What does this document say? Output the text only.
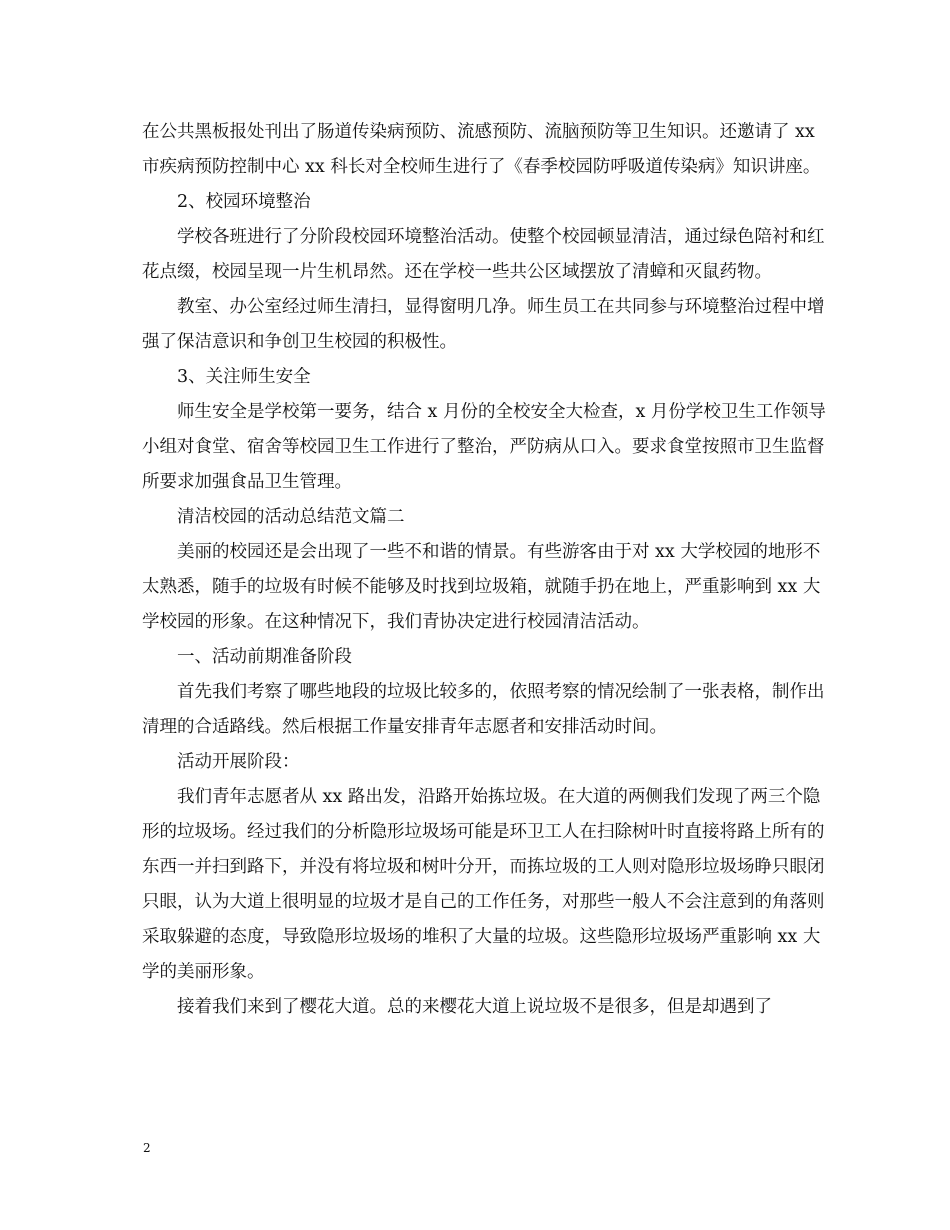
在公共黑板报处刊出了肠道传染病预防、流感预防、流脑预防等卫生知识。还邀请了 xx 市疾病预防控制中心 xx 科长对全校师生进行了《春季校园防呼吸道传染病》知识讲座。

2、校园环境整治

学校各班进行了分阶段校园环境整治活动。使整个校园顿显清洁，通过绿色陪衬和红花点缀，校园呈现一片生机昂然。还在学校一些共公区域摆放了清蟑和灭鼠药物。

教室、办公室经过师生清扫，显得窗明几净。师生员工在共同参与环境整治过程中增强了保洁意识和争创卫生校园的积极性。

3、关注师生安全

师生安全是学校第一要务，结合 x 月份的全校安全大检查，x 月份学校卫生工作领导小组对食堂、宿舍等校园卫生工作进行了整治，严防病从口入。要求食堂按照市卫生监督所要求加强食品卫生管理。

清洁校园的活动总结范文篇二

美丽的校园还是会出现了一些不和谐的情景。有些游客由于对 xx 大学校园的地形不太熟悉，随手的垃圾有时候不能够及时找到垃圾箱，就随手扔在地上，严重影响到 xx 大学校园的形象。在这种情况下，我们青协决定进行校园清洁活动。

一、活动前期准备阶段

首先我们考察了哪些地段的垃圾比较多的，依照考察的情况绘制了一张表格，制作出清理的合适路线。然后根据工作量安排青年志愿者和安排活动时间。

活动开展阶段：

我们青年志愿者从 xx 路出发，沿路开始拣垃圾。在大道的两侧我们发现了两三个隐形的垃圾场。经过我们的分析隐形垃圾场可能是环卫工人在扫除树叶时直接将路上所有的东西一并扫到路下，并没有将垃圾和树叶分开，而拣垃圾的工人则对隐形垃圾场睁只眼闭只眼，认为大道上很明显的垃圾才是自己的工作任务，对那些一般人不会注意到的角落则采取躲避的态度，导致隐形垃圾场的堆积了大量的垃圾。这些隐形垃圾场严重影响 xx 大学的美丽形象。

接着我们来到了樱花大道。总的来樱花大道上说垃圾不是很多，但是却遇到了

2
